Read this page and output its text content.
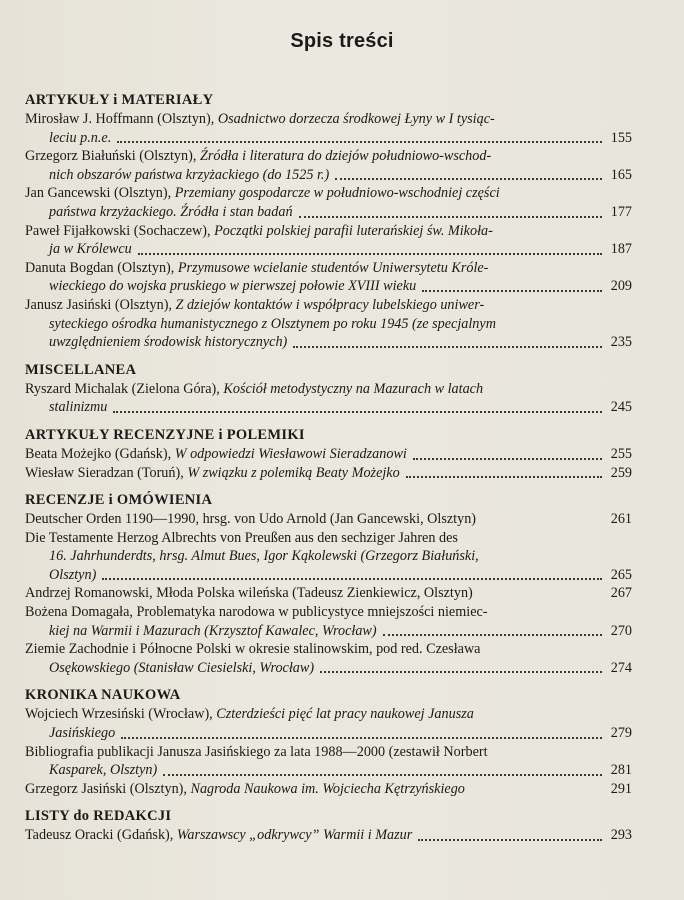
Spis treści
ARTYKUŁY i MATERIAŁY
Mirosław J. Hoffmann (Olsztyn), Osadnictwo dorzecza środkowej Łyny w I tysiąc-
leciu p.n.e.	155
Grzegorz Białuński (Olsztyn), Źródła i literatura do dziejów południowo-wschod-
nich obszarów państwa krzyżackiego (do 1525 r.)	165
Jan Gancewski (Olsztyn), Przemiany gospodarcze w południowo-wschodniej części
państwa krzyżackiego. Źródła i stan badań	177
Paweł Fijałkowski (Sochaczew), Początki polskiej parafii luterańskiej św. Mikoła-
ja w Królewcu	187
Danuta Bogdan (Olsztyn), Przymusowe wcielanie studentów Uniwersytetu Króle-
wieckiego do wojska pruskiego w pierwszej połowie XVIII wieku	209
Janusz Jasiński (Olsztyn), Z dziejów kontaktów i współpracy lubelskiego uniwer-
syteckiego ośrodka humanistycznego z Olsztynem po roku 1945 (ze specjalnym
uwzględnieniem środowisk historycznych)	235
MISCELLANEA
Ryszard Michalak (Zielona Góra), Kościół metodystyczny na Mazurach w latach
stalinizmu	245
ARTYKUŁY RECENZYJNE i POLEMIKI
Beata Możejko (Gdańsk), W odpowiedzi Wiesławowi Sieradzanowi	255
Wiesław Sieradzan (Toruń), W związku z polemiką Beaty Możejko	259
RECENZJE i OMÓWIENIA
Deutscher Orden 1190—1990, hrsg. von Udo Arnold (Jan Gancewski, Olsztyn)	261
Die Testamente Herzog Albrechts von Preußen aus den sechziger Jahren des
16. Jahrhunderdts, hrsg. Almut Bues, Igor Kąkolewski (Grzegorz Białuński,
Olsztyn)	265
Andrzej Romanowski, Młoda Polska wileńska (Tadeusz Zienkiewicz, Olsztyn)	267
Bożena Domagała, Problematyka narodowa w publicystyce mniejszości niemiec-
kiej na Warmii i Mazurach (Krzysztof Kawalec, Wrocław)	270
Ziemie Zachodnie i Północne Polski w okresie stalinowskim, pod red. Czesława
Osękowskiego (Stanisław Ciesielski, Wrocław)	274
KRONIKA NAUKOWA
Wojciech Wrzesiński (Wrocław), Czterdzieści pięć lat pracy naukowej Janusza
Jasińskiego	279
Bibliografia publikacji Janusza Jasińskiego za lata 1988—2000 (zestawił Norbert
Kasparek, Olsztyn)	281
Grzegorz Jasiński (Olsztyn), Nagroda Naukowa im. Wojciecha Kętrzyńskiego	291
LISTY do REDAKCJI
Tadeusz Oracki (Gdańsk), Warszawscy „odkrywcy” Warmii i Mazur	293
